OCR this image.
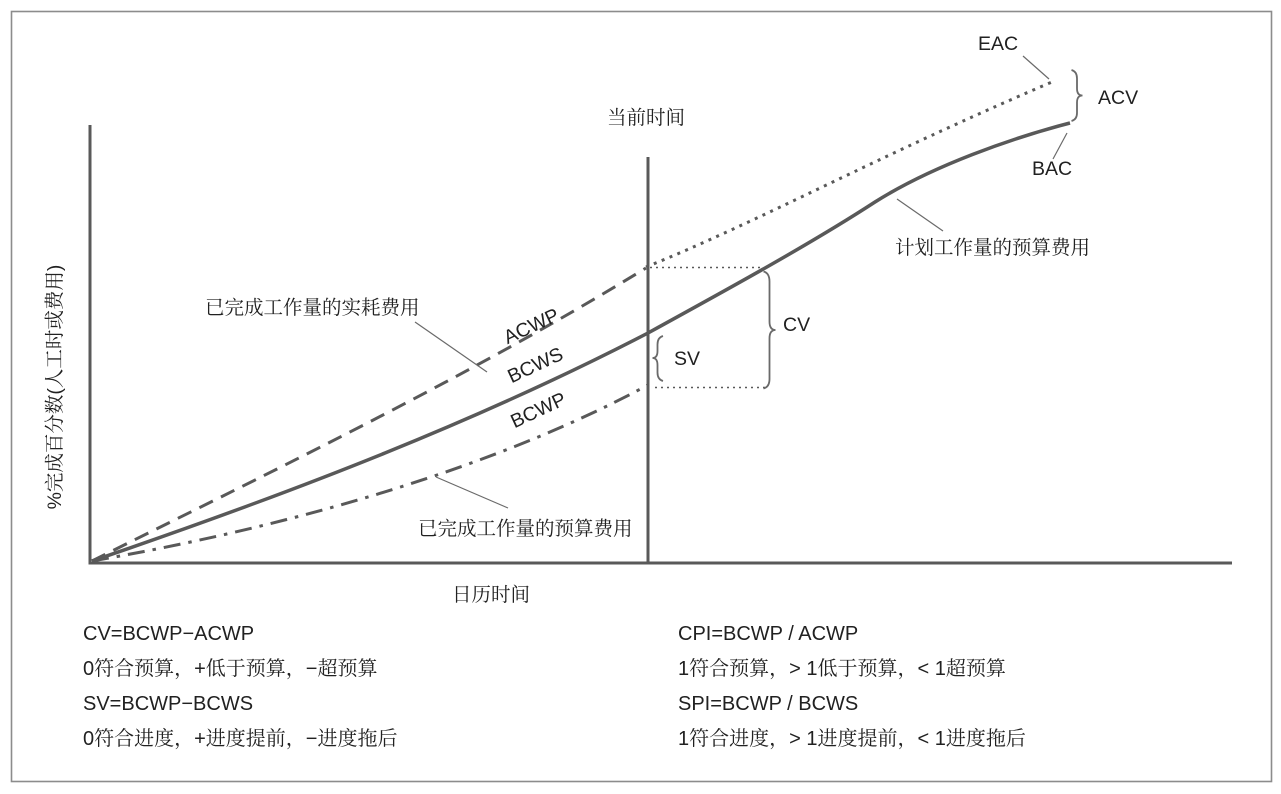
%完成百分数(人工时或费用)
日历时间
当前时间
已完成工作量的实耗费用
计划工作量的预算费用
已完成工作量的预算费用
ACWP
BCWS
BCWP
EAC
BAC
ACV
SV
CV
CV=BCWP−ACWP
0符合预算，+低于预算，−超预算
SV=BCWP−BCWS
0符合进度，+进度提前，−进度拖后
CPI=BCWP / ACWP
1符合预算，> 1低于预算，< 1超预算
SPI=BCWP / BCWS
1符合进度，> 1进度提前，< 1进度拖后
